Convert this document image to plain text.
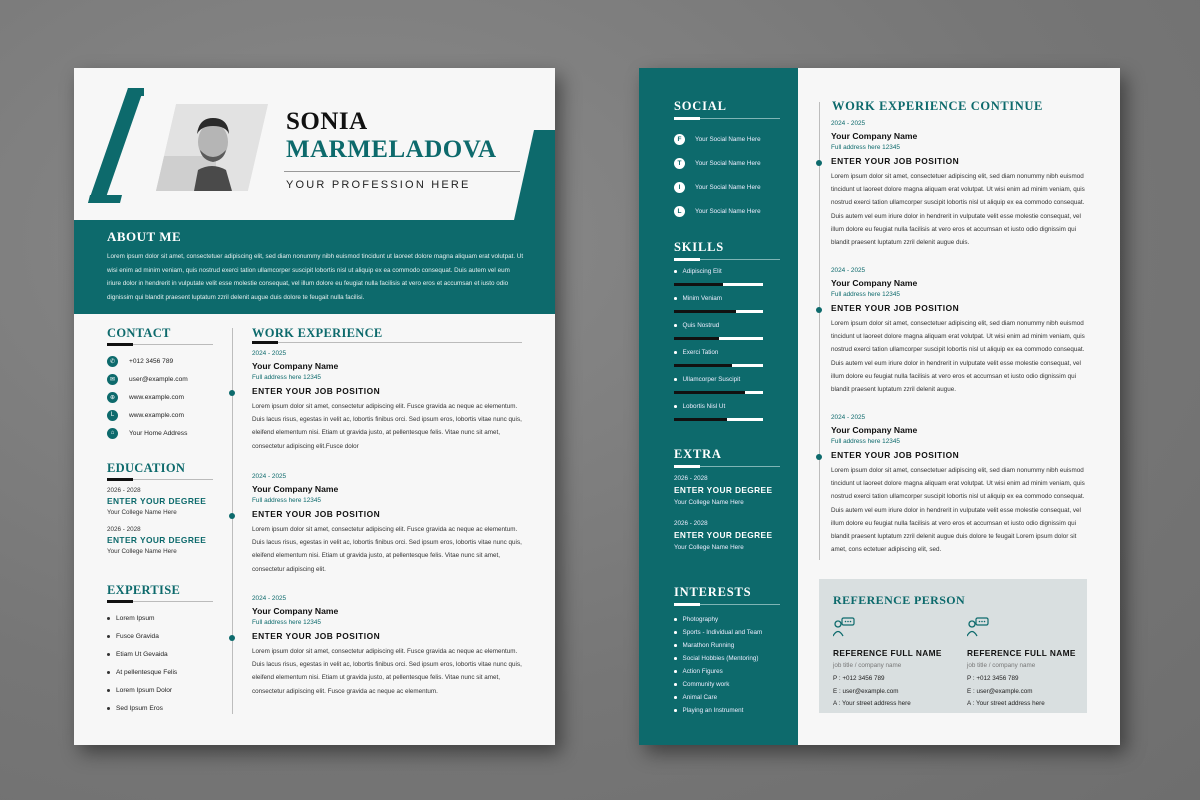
SONIA
MARMELADOVA
YOUR PROFESSION HERE
ABOUT ME

Lorem ipsum dolor sit amet, consectetuer adipiscing elit, sed diam nonummy nibh euismod tincidunt ut laoreet dolore magna aliquam erat volutpat. Ut wisi enim ad minim veniam, quis nostrud exerci tation ullamcorper suscipit lobortis nisl ut aliquip ex ea commodo consequat. Duis autem vel eum iriure dolor in hendrerit in vulputate velit esse molestie consequat, vel illum dolore eu feugiat nulla facilisis at vero eros et accumsan et iusto odio dignissim qui blandit praesent luptatum zzril delenit augue duis dolore te feugait nulla facilisi.

CONTACT
✆	+012 3456 789
✉	user@example.com
⊕	www.example.com
L	www.example.com
⌂	Your Home Address
EDUCATION
2026 - 2028
ENTER YOUR DEGREE
Your College Name Here
2026 - 2028
ENTER YOUR DEGREE
Your College Name Here
EXPERTISE
Lorem Ipsum
Fusce Gravida
Etiam Ut Gevaida
At pellentesque Felis
Lorem Ipsum Dolor
Sed Ipsum Eros
WORK EXPERIENCE
2024 - 2025
Your Company Name
Full address here 12345
ENTER YOUR JOB POSITION
Lorem ipsum dolor sit amet, consectetur adipiscing elit. Fusce gravida ac neque ac elementum. Duis lacus risus, egestas in velit ac, lobortis finibus orci. Sed ipsum eros, lobortis vitae nunc quis, eleifend elementum nisi. Etiam ut gravida justo, at pellentesque felis. Vitae nunc sit amet, consectetur adipiscing elit.Fusce dolor
2024 - 2025
Your Company Name
Full address here 12345
ENTER YOUR JOB POSITION
Lorem ipsum dolor sit amet, consectetur adipiscing elit. Fusce gravida ac neque ac elementum. Duis lacus risus, egestas in velit ac, lobortis finibus orci. Sed ipsum eros, lobortis vitae nunc quis, eleifend elementum nisi. Etiam ut gravida justo, at pellentesque felis. Vitae nunc sit amet, consectetur adipiscing elit.
2024 - 2025
Your Company Name
Full address here 12345
ENTER YOUR JOB POSITION
Lorem ipsum dolor sit amet, consectetur adipiscing elit. Fusce gravida ac neque ac elementum. Duis lacus risus, egestas in velit ac, lobortis finibus orci. Sed ipsum eros, lobortis vitae nunc quis, eleifend elementum nisi. Etiam ut gravida justo, at pellentesque felis. Vitae nunc sit amet, consectetur adipiscing elit. Fusce gravida ac neque ac elementum.
SOCIAL
F	Your Social Name Here
T	Your Social Name Here
I	Your Social Name Here
L	Your Social Name Here
SKILLS
Adipiscing Elit
Minim Veniam
Quis Nostrud
Exerci Tation
Ullamcorper Suscipit
Lobortis Nisl Ut
EXTRA
2026 - 2028
ENTER YOUR DEGREE
Your College Name Here
2026 - 2028
ENTER YOUR DEGREE
Your College Name Here
INTERESTS
Photography
Sports - Individual and Team
Marathon Running
Social Hobbies (Mentoring)
Action Figures
Community work
Animal Care
Playing an Instrument
WORK EXPERIENCE CONTINUE
2024 - 2025
Your Company Name
Full address here 12345
ENTER YOUR JOB POSITION
Lorem ipsum dolor sit amet, consectetuer adipiscing elit, sed diam nonummy nibh euismod tincidunt ut laoreet dolore magna aliquam erat volutpat. Ut wisi enim ad minim veniam, quis nostrud exerci tation ullamcorper suscipit lobortis nisl ut aliquip ex ea commodo consequat. Duis autem vel eum iriure dolor in hendrerit in vulputate velit esse molestie consequat, vel illum dolore eu feugiat nulla facilisis at vero eros et accumsan et iusto odio dignissim qui blandit praesent luptatum zzril delenit augue duis.
2024 - 2025
Your Company Name
Full address here 12345
ENTER YOUR JOB POSITION
Lorem ipsum dolor sit amet, consectetuer adipiscing elit, sed diam nonummy nibh euismod tincidunt ut laoreet dolore magna aliquam erat volutpat. Ut wisi enim ad minim veniam, quis nostrud exerci tation ullamcorper suscipit lobortis nisl ut aliquip ex ea commodo consequat. Duis autem vel eum iriure dolor in hendrerit in vulputate velit esse molestie consequat, vel illum dolore eu feugiat nulla facilisis at vero eros et accumsan et iusto odio dignissim qui blandit praesent luptatum zzril delenit augue.
2024 - 2025
Your Company Name
Full address here 12345
ENTER YOUR JOB POSITION
Lorem ipsum dolor sit amet, consectetuer adipiscing elit, sed diam nonummy nibh euismod tincidunt ut laoreet dolore magna aliquam erat volutpat. Ut wisi enim ad minim veniam, quis nostrud exerci tation ullamcorper suscipit lobortis nisl ut aliquip ex ea commodo consequat. Duis autem vel eum iriure dolor in hendrerit in vulputate velit esse molestie consequat, vel illum dolore eu feugiat nulla facilisis at vero eros et accumsan et iusto odio dignissim qui blandit praesent luptatum zzril delenit augue duis dolore te feugait Lorem ipsum dolor sit amet, cons ectetuer adipiscing elit, sed.
REFERENCE PERSON
REFERENCE FULL NAME
job title / company name
P : +012 3456 789
E : user@example.com
A : Your street address here
REFERENCE FULL NAME
job title / company name
P : +012 3456 789
E : user@example.com
A : Your street address here
